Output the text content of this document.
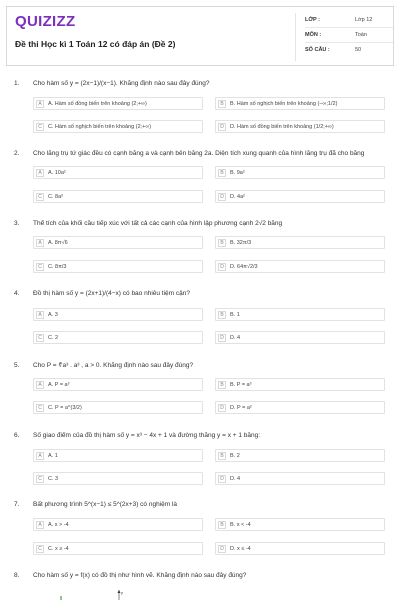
QUIZIZZ
Đề thi Học kì 1 Toán 12 có đáp án (Đề 2)
LỚP :	Lớp 12
MÔN :	Toán
SỐ CÂU :	50
1. Cho hàm số y = (2x−1)/(x−1). Khẳng định nào sau đây đúng?
A	A. Hàm số đồng biến trên khoảng (2;+∞)	B	B. Hàm số nghịch biến trên khoảng (−∞;1/2)
C	C. Hàm số nghịch biến trên khoảng (2;+∞)	D	D. Hàm số đồng biến trên khoảng (1/2;+∞)
2. Cho lăng trụ tứ giác đều có cạnh bằng a và cạnh bên bằng 2a. Diện tích xung quanh của hình lăng trụ đã cho bằng
A	A. 10a²	B	B. 9a²
C	C. 8a²	D	D. 4a²
3. Thể tích của khối cầu tiếp xúc với tất cả các cạnh của hình lập phương cạnh 2√2 bằng
A	A. 8π√6	B	B. 32π/3
C	C. 8π/3	D	D. 64π√2/3
4. Đồ thị hàm số y = (2x+1)/(4−x) có bao nhiêu tiệm cận?
A	A. 3	B	B. 1
C	C. 2	D	D. 4
5. Cho P = ∜a³ . a³ , a > 0. Khẳng định nào sau đây đúng?
A	A. P = a³	B	B. P = a³
C	C. P = a^(3/2)	D	D. P = a²
6. Số giao điểm của đồ thị hàm số y = x³ − 4x + 1 và đường thẳng y = x + 1 bằng:
A	A. 1	B	B. 2
C	C. 3	D	D. 4
7. Bất phương trình 5^(x−1) ≤ 5^(2x+3) có nghiệm là
A	A. x > -4	B	B. x < -4
C	C. x ≥ -4	D	D. x ≤ -4
8. Cho hàm số y = f(x) có đồ thị như hình vẽ. Khẳng định nào sau đây đúng?
y
